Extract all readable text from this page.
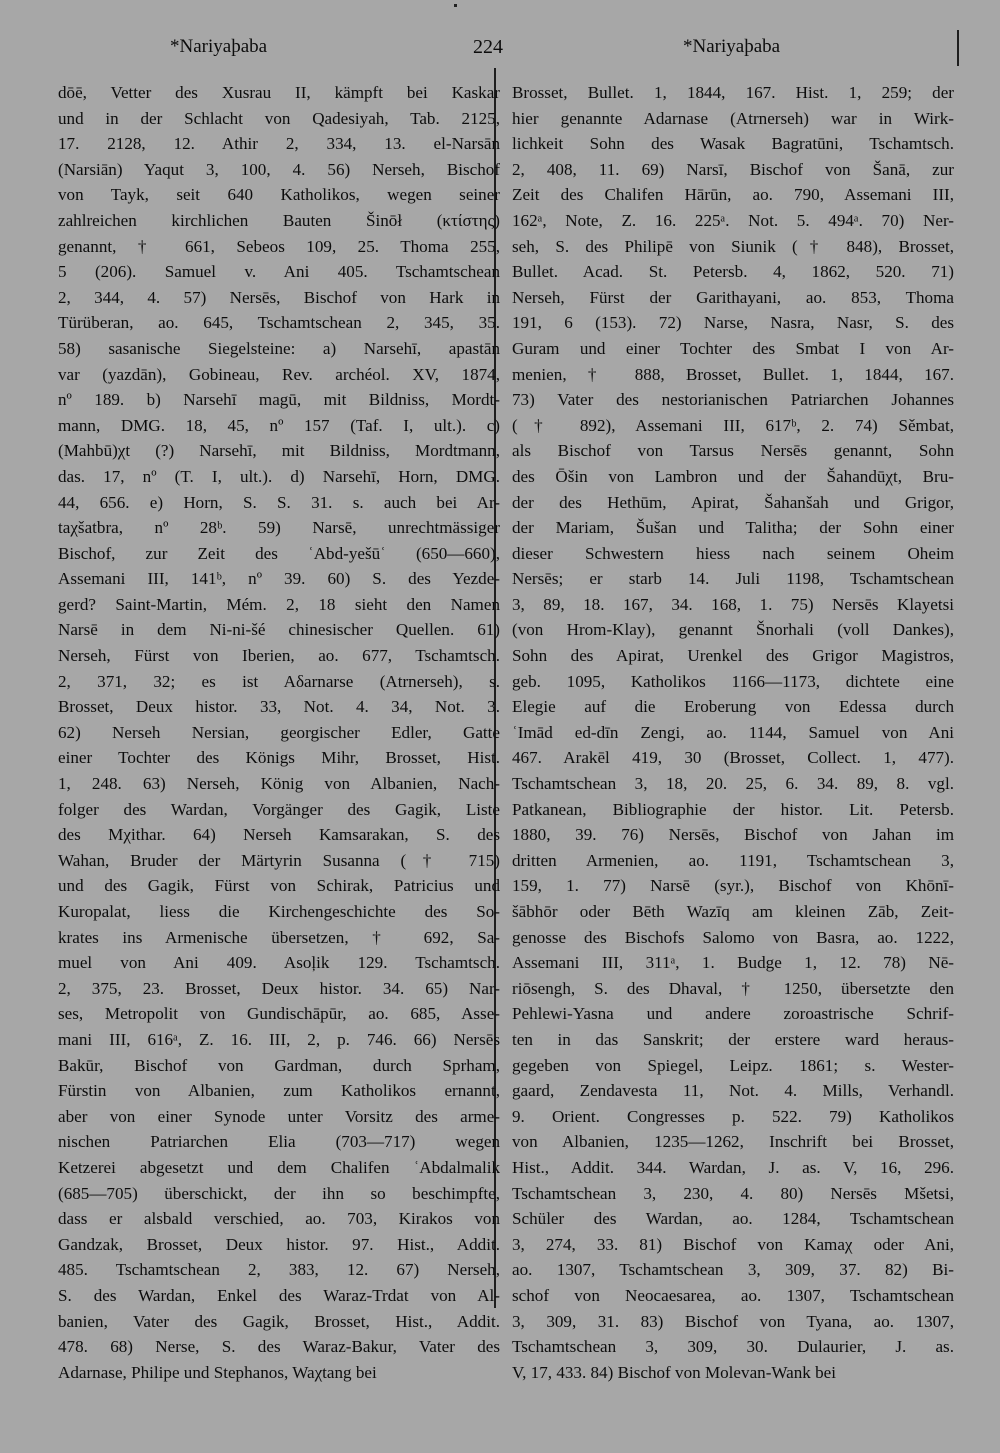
*Nariyaþaba	224	*Nariyaþaba
dōē, Vetter des Xusrau II, kämpft bei Kaskar
und in der Schlacht von Qadesiyah, Tab. 2125,
17. 2128, 12. Athir 2, 334, 13. el-Narsān
(Narsiān) Yaqut 3, 100, 4. 56) Nerseh, Bischof
von Tayk, seit 640 Katholikos, wegen seiner
zahlreichen kirchlichen Bauten Šinōł (κτίστης)
genannt, † 661, Sebeos 109, 25. Thoma 255,
5 (206). Samuel v. Ani 405. Tschamtschean
2, 344, 4. 57) Nersēs, Bischof von Hark in
Türüberan, ao. 645, Tschamtschean 2, 345, 35.
58) sasanische Siegelsteine: a) Narsehī, apastān
var (yazdān), Gobineau, Rev. archéol. XV, 1874,
nº 189. b) Narsehī magū, mit Bildniss, Mordt-
mann, DMG. 18, 45, nº 157 (Taf. I, ult.). c)
(Mahbū)χt (?) Narsehī, mit Bildniss, Mordtmann,
das. 17, nº (T. I, ult.). d) Narsehī, Horn, DMG.
44, 656. e) Horn, S. S. 31. s. auch bei Ar-
taχšatbra, nº 28ᵇ. 59) Narsē, unrechtmässiger
Bischof, zur Zeit des ʿAbd-yešūʿ (650—660),
Assemani III, 141ᵇ, nº 39. 60) S. des Yezde-
gerd? Saint-Martin, Mém. 2, 18 sieht den Namen
Narsē in dem Ni-ni-šé chinesischer Quellen. 61)
Nerseh, Fürst von Iberien, ao. 677, Tschamtsch.
2, 371, 32; es ist Aδarnarse (Atrnerseh), s.
Brosset, Deux histor. 33, Not. 4. 34, Not. 3.
62) Nerseh Nersian, georgischer Edler, Gatte
einer Tochter des Königs Mihr, Brosset, Hist.
1, 248. 63) Nerseh, König von Albanien, Nach-
folger des Wardan, Vorgänger des Gagik, Liste
des Mχithar. 64) Nerseh Kamsarakan, S. des
Wahan, Bruder der Märtyrin Susanna († 715)
und des Gagik, Fürst von Schirak, Patricius und
Kuropalat, liess die Kirchengeschichte des So-
krates ins Armenische übersetzen, † 692, Sa-
muel von Ani 409. Asoļik 129. Tschamtsch.
2, 375, 23. Brosset, Deux histor. 34. 65) Nar-
ses, Metropolit von Gundischāpūr, ao. 685, Asse-
mani III, 616ᵃ, Z. 16. III, 2, p. 746. 66) Nersēs
Bakūr, Bischof von Gardman, durch Sprham,
Fürstin von Albanien, zum Katholikos ernannt,
aber von einer Synode unter Vorsitz des arme-
nischen Patriarchen Elia (703—717) wegen
Ketzerei abgesetzt und dem Chalifen ʿAbdalmalik
(685—705) überschickt, der ihn so beschimpfte,
dass er alsbald verschied, ao. 703, Kirakos von
Gandzak, Brosset, Deux histor. 97. Hist., Addit.
485. Tschamtschean 2, 383, 12. 67) Nerseh,
S. des Wardan, Enkel des Waraz-Trdat von Al-
banien, Vater des Gagik, Brosset, Hist., Addit.
478. 68) Nerse, S. des Waraz-Bakur, Vater des
Adarnase, Philipe und Stephanos, Waχtang bei
Brosset, Bullet. 1, 1844, 167. Hist. 1, 259; der
hier genannte Adarnase (Atrnerseh) war in Wirk-
lichkeit Sohn des Wasak Bagratūni, Tschamtsch.
2, 408, 11. 69) Narsī, Bischof von Šanā, zur
Zeit des Chalifen Hārūn, ao. 790, Assemani III,
162ᵃ, Note, Z. 16. 225ᵃ. Not. 5. 494ᵃ. 70) Ner-
seh, S. des Philipē von Siunik († 848), Brosset,
Bullet. Acad. St. Petersb. 4, 1862, 520. 71)
Nerseh, Fürst der Garithayani, ao. 853, Thoma
191, 6 (153). 72) Narse, Nasra, Nasr, S. des
Guram und einer Tochter des Smbat I von Ar-
menien, † 888, Brosset, Bullet. 1, 1844, 167.
73) Vater des nestorianischen Patriarchen Johannes
(† 892), Assemani III, 617ᵇ, 2. 74) Sěmbat,
als Bischof von Tarsus Nersēs genannt, Sohn
des Ōšin von Lambron und der Šahandūχt, Bru-
der des Hethūm, Apirat, Šahanšah und Grigor,
der Mariam, Šušan und Talitha; der Sohn einer
dieser Schwestern hiess nach seinem Oheim
Nersēs; er starb 14. Juli 1198, Tschamtschean
3, 89, 18. 167, 34. 168, 1. 75) Nersēs Klayetsi
(von Hrom-Klay), genannt Šnorhali (voll Dankes),
Sohn des Apirat, Urenkel des Grigor Magistros,
geb. 1095, Katholikos 1166—1173, dichtete eine
Elegie auf die Eroberung von Edessa durch
ʿImād ed-dīn Zengi, ao. 1144, Samuel von Ani
467. Arakēl 419, 30 (Brosset, Collect. 1, 477).
Tschamtschean 3, 18, 20. 25, 6. 34. 89, 8. vgl.
Patkanean, Bibliographie der histor. Lit. Petersb.
1880, 39. 76) Nersēs, Bischof von Jahan im
dritten Armenien, ao. 1191, Tschamtschean 3,
159, 1. 77) Narsē (syr.), Bischof von Khōnī-
šābhōr oder Bēth Wazīq am kleinen Zāb, Zeit-
genosse des Bischofs Salomo von Basra, ao. 1222,
Assemani III, 311ᵃ, 1. Budge 1, 12. 78) Nē-
riōsengh, S. des Dhaval, † 1250, übersetzte den
Pehlewi-Yasna und andere zoroastrische Schrif-
ten in das Sanskrit; der erstere ward heraus-
gegeben von Spiegel, Leipz. 1861; s. Wester-
gaard, Zendavesta 11, Not. 4. Mills, Verhandl.
9. Orient. Congresses p. 522. 79) Katholikos
von Albanien, 1235—1262, Inschrift bei Brosset,
Hist., Addit. 344. Wardan, J. as. V, 16, 296.
Tschamtschean 3, 230, 4. 80) Nersēs Mšetsi,
Schüler des Wardan, ao. 1284, Tschamtschean
3, 274, 33. 81) Bischof von Kamaχ oder Ani,
ao. 1307, Tschamtschean 3, 309, 37. 82) Bi-
schof von Neocaesarea, ao. 1307, Tschamtschean
3, 309, 31. 83) Bischof von Tyana, ao. 1307,
Tschamtschean 3, 309, 30. Dulaurier, J. as.
V, 17, 433. 84) Bischof von Molevan-Wank bei
